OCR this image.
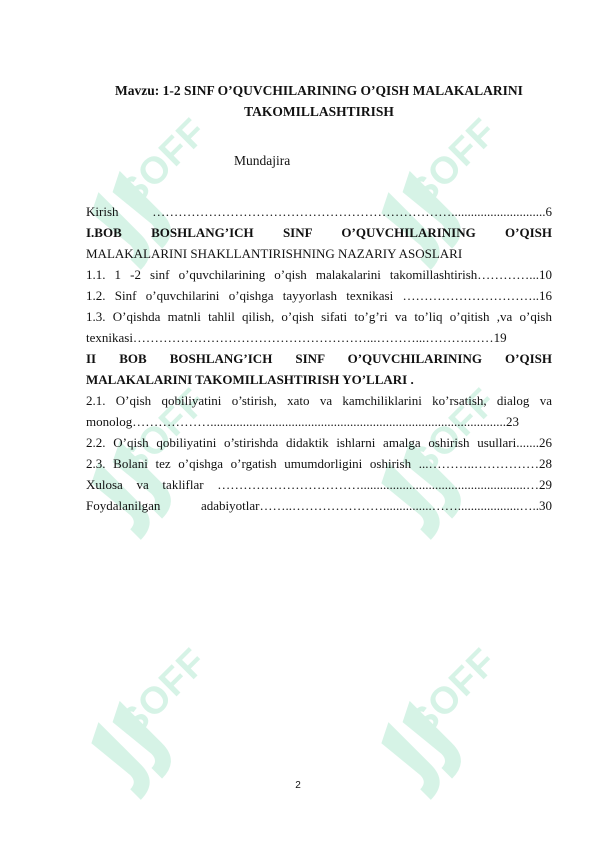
SOFF	SOFF
SOFF	SOFF
SOFF	SOFF
Mavzu: 1-2 SINF O’QUVCHILARINING O’QISH MALAKALARINI
TAKOMILLASHTIRISH
Mundajira
Kirish …………………………………………………………….............................6
I.BOB BOSHLANG’ICH SINF O’QUVCHILARINING O’QISH
MALAKALARINI SHAKLLANTIRISHNING NAZARIY ASOSLARI
1.1. 1 -2 sinf o’quvchilarining o’qish malakalarini takomillashtirish…………...10
1.2. Sinf o’quvchilarini o’qishga tayyorlash texnikasi …………………………..16
1.3. O’qishda matnli tahlil qilish, o’qish sifati to’g’ri va to’liq o’qitish ,va o’qish
texnikasi………………………………………………...………...……….……19
II BOB BOSHLANG’ICH SINF O’QUVCHILARINING O’QISH
MALAKALARINI TAKOMILLASHTIRISH YO’LLARI .
2.1. O’qish qobiliyatini o’stirish, xato va kamchiliklarini ko’rsatish, dialog va
monolog………………...........................................................................................23
2.2. O’qish qobiliyatini o’stirishda didaktik ishlarni amalga oshirish usullari.......26
2.3. Bolani tez o’qishga o’rgatish umumdorligini oshirish ...………..……………28
Xulosa va takliflar ……………………………...................................................…29
Foydalanilgan adabiyotlar……..…………………...............……...................…..30
2
